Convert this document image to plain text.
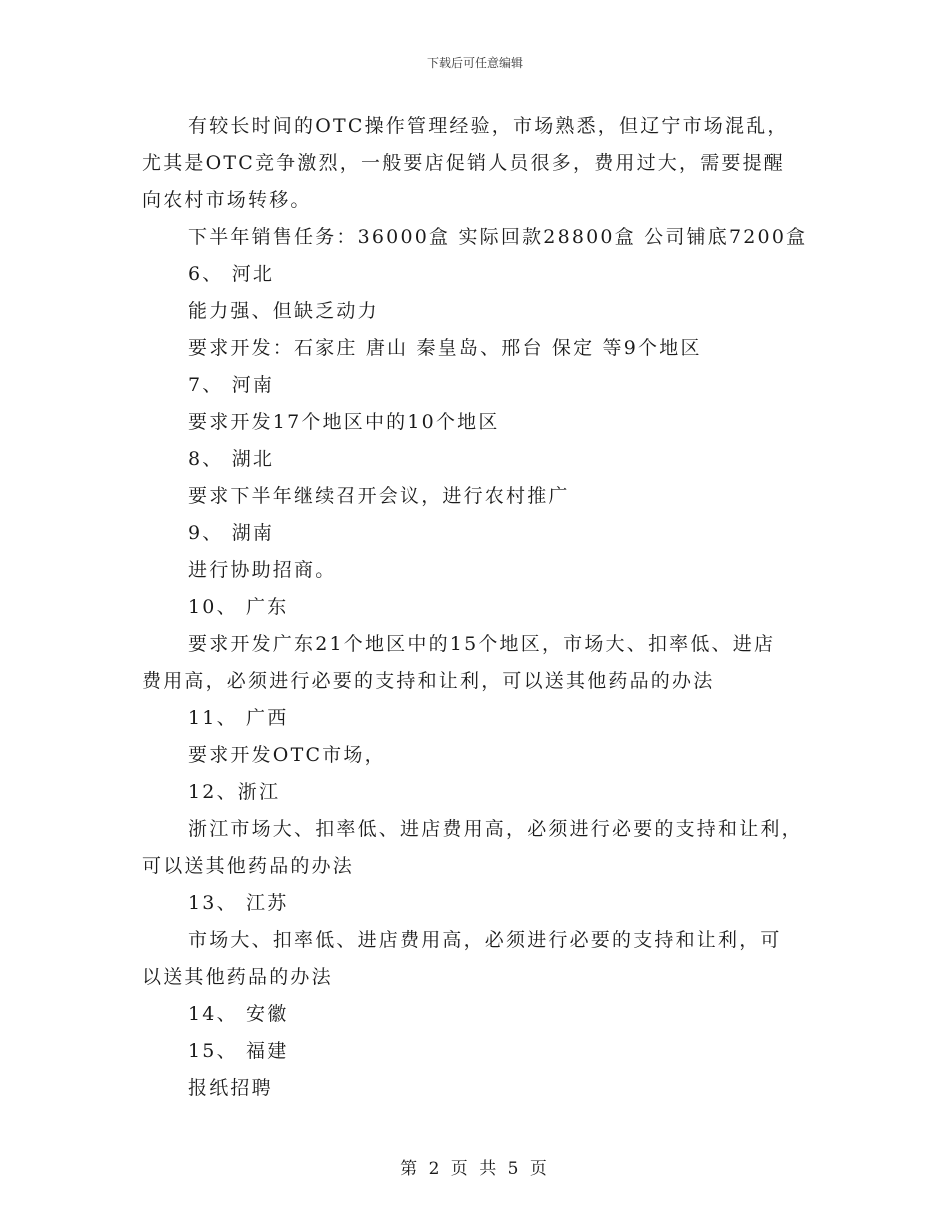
下载后可任意编辑

有较长时间的OTC操作管理经验，市场熟悉，但辽宁市场混乱，

尤其是OTC竞争激烈，一般要店促销人员很多，费用过大，需要提醒

向农村市场转移。

下半年销售任务：36000盒 实际回款28800盒 公司铺底7200盒

6、 河北

能力强、但缺乏动力

要求开发：石家庄 唐山 秦皇岛、邢台 保定 等9个地区

7、 河南

要求开发17个地区中的10个地区

8、 湖北

要求下半年继续召开会议，进行农村推广

9、 湖南

进行协助招商。

10、 广东

要求开发广东21个地区中的15个地区，市场大、扣率低、进店

费用高，必须进行必要的支持和让利，可以送其他药品的办法

11、 广西

要求开发OTC市场，

12、浙江

浙江市场大、扣率低、进店费用高，必须进行必要的支持和让利，

可以送其他药品的办法

13、 江苏

市场大、扣率低、进店费用高，必须进行必要的支持和让利，可

以送其他药品的办法

14、 安徽

15、 福建

报纸招聘

第 2 页 共 5 页
